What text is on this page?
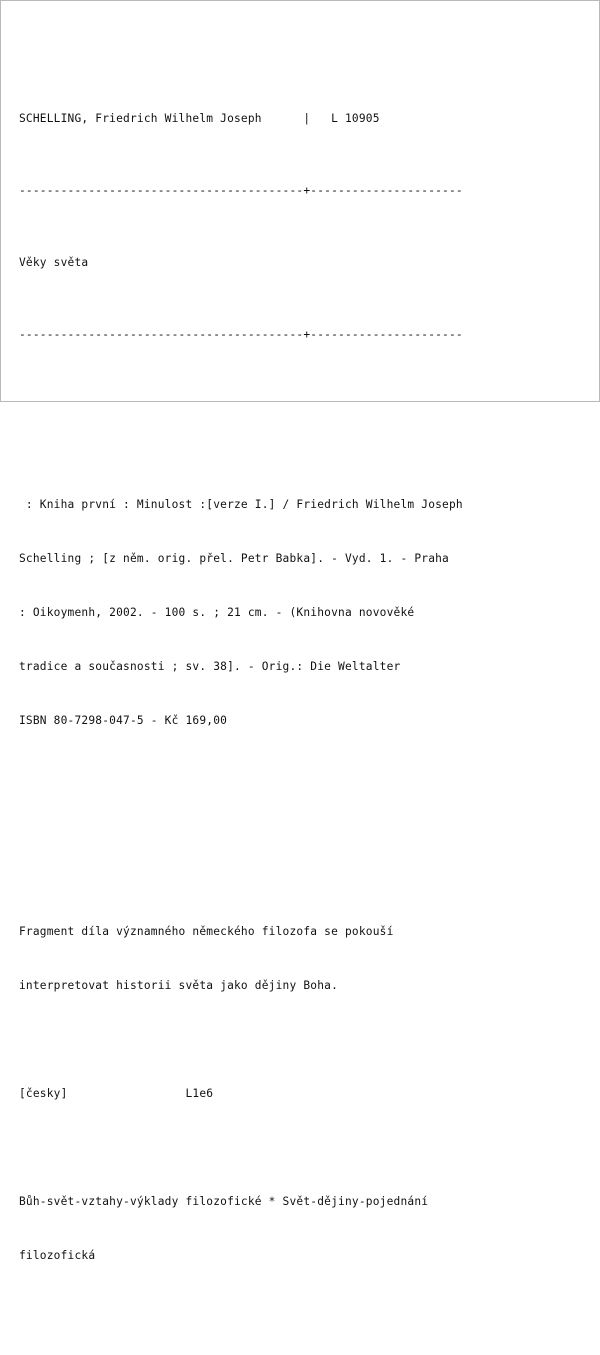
SCHELLING, Friedrich Wilhelm Joseph
	|
L 10905

-----------------------------------------+----------------------

Věky světa

-----------------------------------------+----------------------

: Kniha první : Minulost :[verze I.] / Friedrich Wilhelm Joseph

Schelling ; [z něm. orig. přel. Petr Babka]. - Vyd. 1. - Praha

: Oikoymenh, 2002. - 100 s. ; 21 cm. - (Knihovna novověké

tradice a současnosti ; sv. 38]. - Orig.: Die Weltalter

ISBN 80-7298-047-5 - Kč 169,00

Fragment díla významného německého filozofa se pokouší

interpretovat historii světa jako dějiny Boha.

[česky]
	L1e6

Bůh-svět-vztahy-výklady filozofické * Svět-dějiny-pojednání

filozofická
